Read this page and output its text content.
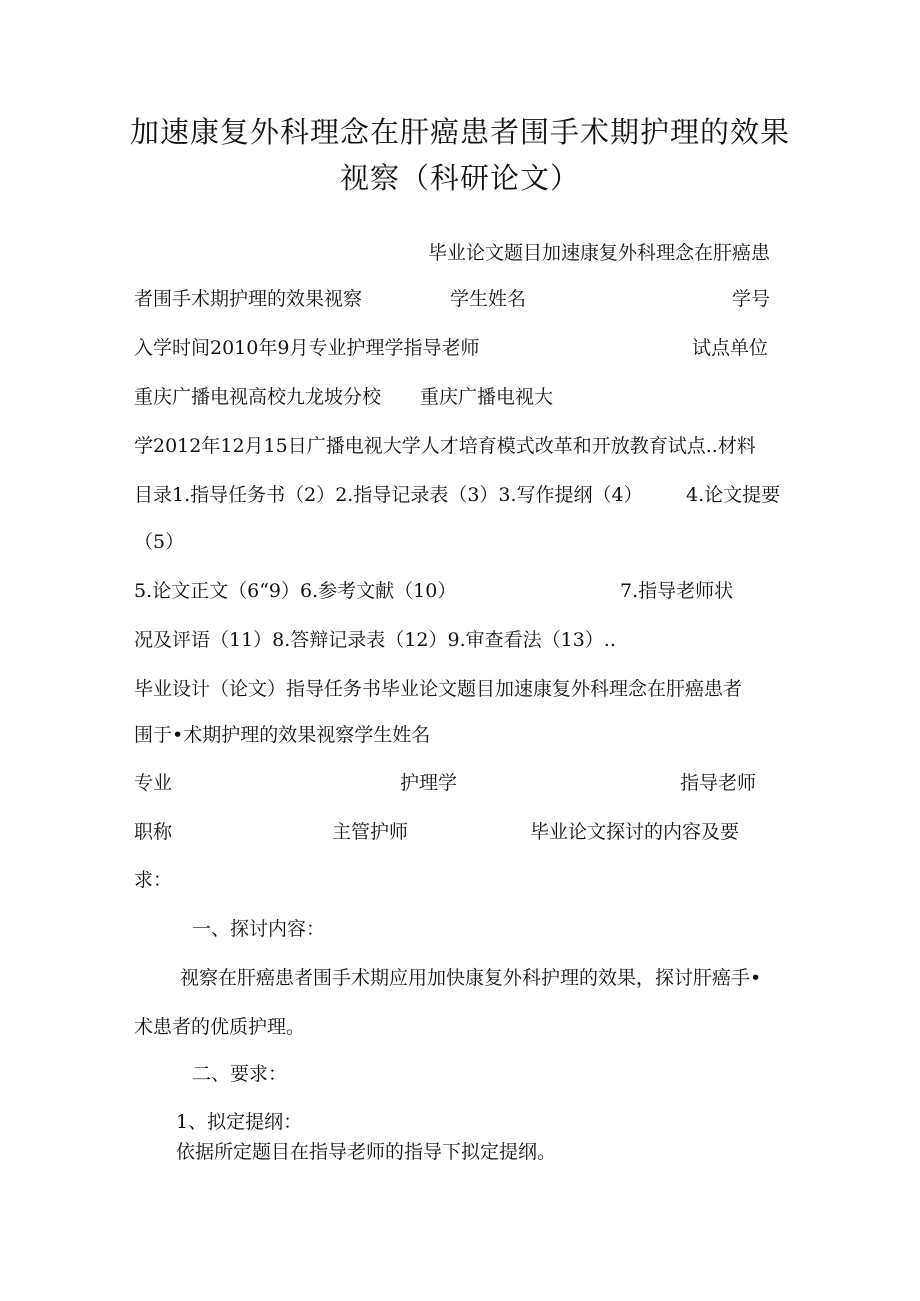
加速康复外科理念在肝癌患者围手术期护理的效果
视察（科研论文）
毕业论文题目加速康复外科理念在肝癌患
者围手术期护理的效果视察	学生姓名	学号
入学时间2010年9月专业护理学指导老师	试点单位
重庆广播电视高校九龙坡分校 重庆广播电视大
学2012年12月15日广播电视大学人才培育模式改革和开放教育试点..材料
目录1.指导任务书（2）2.指导记录表（3）3.写作提纲（4） 4.论文提要
（5）
5.论文正文（6“9）6.参考文献（10）	7.指导老师状
况及评语（11）8.答辩记录表（12）9.审查看法（13）..
毕业设计（论文）指导任务书毕业论文题目加速康复外科理念在肝癌患者
围于•术期护理的效果视察学生姓名
专业	护理学	指导老师
职称	主管护师	毕业论文探讨的内容及要
求：
一、探讨内容：
视察在肝癌患者围手术期应用加快康复外科护理的效果，探讨肝癌手•
术患者的优质护理。
二、要求：
1、拟定提纲：
依据所定题目在指导老师的指导下拟定提纲。
